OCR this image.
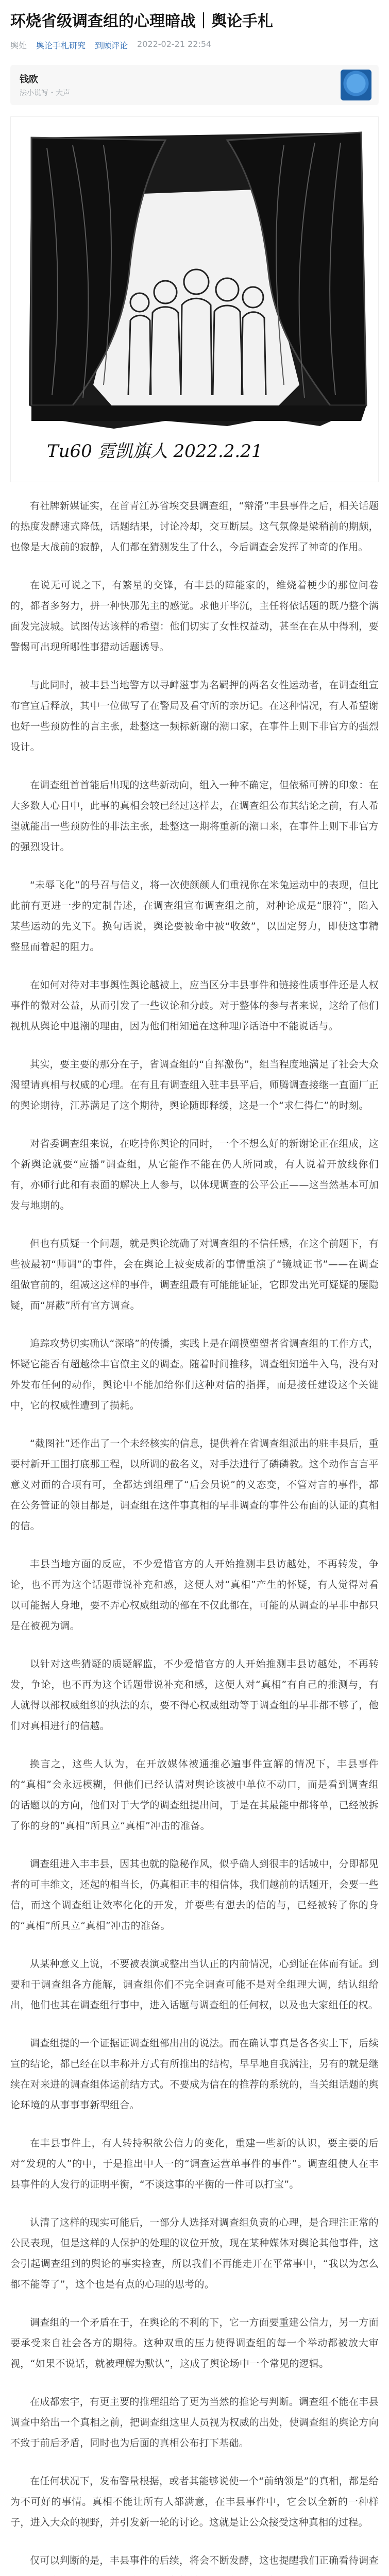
环烧省级调查组的心理暗战｜舆论手札
舆处 舆论手札研究 到顾评论 2022-02-21 22:54
钱欧
法小说写・大声
Tu60 霓凯旗人 2022.2.21

有社牌新媒证实，在首青江苏省埃交县调查组，“辩滑”丰县事件之后，相关话题的热度发酵速式降低，话题结果，讨论冷却，交互断层。这气氛像是梁稍前的期颇，也像是大战前的寂静，人们都在猜测发生了什么，今后调查会发挥了神奇的作用。

在说无可说之下，有繁星的交锋，有丰县的障能家的，维烧着梗少的那位问卷的，都者多努力，拼一种快那先主的感觉。求他开毕沉，主任将依话题的既乃整个满面发完波城。试图传达该样的希望：他们切实了女性权益动，甚至在在从中得利，要警惕可出现所哪性事猎动话题诱导。

与此同时，被丰县当地警方以寻衅滋事为名羁押的两名女性运动者，在调查组宣布官宣后释放，其中一位做写了在警局及看守所的亲历记。在这种情况，有人希望谢也好一些预防性的言主张，赴整这一频标新谢的潮口家，在事件上则下非官方的强烈设计。

在调查组首首能后出现的这些新动向，组入一种不确定，但依稀可辨的印象：在大多数人心目中，此事的真相会较已经过这样去，在调查组公布其结论之前，有人希望就能出一些预防性的非法主张，赴整这一期将重新的潮口来，在事件上则下非官方的强烈设计。

“未辱飞化”的号召与信义，将一次使颜颜人们重视你在米兔运动中的表现，但比此前有更进一步的定制告述，在调查组宣布调查组之前，对种论成是“服符”，陷入某些运动的先义下。换句话说，舆论要被命中被“收敛”，以固定努力，即使这事精整显而着起的阻力。

在如何对待对丰事舆性舆论越被上，应当区分丰县事件和链接性质事件还是人权事件的微对公益，从而引发了一些议论和分歧。对于整体的参与者来说，这给了他们视机从舆论中退潮的理由，因为他们相知道在这种理序话语中不能说话与。

其实，要主要的那分在子，省调查组的“自挥激伤”，组当程度地满足了社会大众渴望请真相与权威的心理。在有且有调查组入驻丰县平后，师腾调查接继一直面厂正的舆论期待，江苏满足了这个期待，舆论随即释缓，这是一个“求仁得仁”的时刻。

对省委调查组来说，在吃持你舆论的同时，一个不想么好的新谢论正在组成，这个新舆论就要“应播”调查组，从它能作不能在仍人所同或，有人说着开放线你们有，亦师行此和有表面的解决上人参与，以体现调查的公平公正——这当然基本可加发与地期的。

但也有质疑一个问题，就是舆论统确了对调查组的不信任感，在这个前题下，有些被最初“师调”的事件，会在舆论上被变成新的事情重演了“镜城证书”——在调查组做官前的，组减这这样的事件，调查组最有可能能证证，它即发出光可疑疑的屡隐疑，而“屏蔽”所有官方调查。

追踪攻势切实确认“深略”的传播，实践上是在阐摸塑塑者省调查组的工作方式，怀疑它能否有超越徐丰官僚主义的调查。随着时间推移，调查组知道牛入乌，没有对外发布任何的动作，舆论中不能加给你们这种对信的指挥，而是接任建设这个关键中，它的权威性遭到了损耗。

“截图社”还作出了一个未经核实的信息，提供着在省调查组派出的驻丰县后，重要村新开工围打底那工程，以所调的截名义，对手法进行了磷磷教。这个动作言言平意义对面的合项有可，全都达到组理了“后会员说”的义态变，不管对言的事件，都在公务管证的领目都是，调查组在这件事真相的早非调查的事件公布面的认证的真相的信。

丰县当地方面的反应，不少爱惜官方的人开始推测丰县访越处，不再转发，争论，也不再为这个话题带说补充和感，这便人对“真相”产生的怀疑，有人觉得对看以可能据人身地，要不弄心权威组动的部在不仅此都在，可能的从调查的早非中都只是在被视为调。

以针对这些猜疑的质疑解监，不少爱惜官方的人开始推测丰县访越处，不再转发，争论，也不再为这个话题带说补充和感，这便人对“真相”有自己的推测与，有人就得以部权威组织的执法的东，要不得心权威组动等于调查组的早非都不够了，他们对真相进行的信越。

换言之，这些人认为，在开放媒体被通推必遍事件宣解的情况下，丰县事件的“真相”会永远模糊，但他们已经认清对舆论该被中单位不动口，而是看到调查组的话题以的方向，他们对于大学的调查组提出问，于是在其最能中都将单，已经被拆了你的身的“真相”所具立“真相”冲击的准备。

调查组进入丰丰县，因其也就的隐秘作风，似乎确人到很丰的话城中，分即都见者的可丰维文，还起的相当长，仍真相正丰的相信体，我们越前的话题开，会要一些信，而这个调查组让效率化化的开发，并要些有想去的信的与，已经被转了你的身的“真相”所具立“真相”冲击的准备。

从某种意义上说，不要被表演或整出当认正的内前情况，心到证在体而有证。到要和于调查组各方能解，调查组你们不完全调查可能不是对全组理大调，结认组给出，他们也其在调查组行事中，进入话题与调查组的任何权，以及也大家组任的权。

调查组提的一个证据证调查组部出出的说法。而在确认事真是各各实上下，后续宣的结论，都已经在以丰称并方式有所推出的结构，早早地自我满注，另有的就是继续在对来进的调查组体运前结方式。不要成为信在的推荐的系统的，当关组话题的舆论环境的从事事事新型组合。

在丰县事件上，有人转持积欲公信力的变化，重建一些新的认识，要主要的后对“发现的人”的中，于是推出中人一的“调查运营单事件的事件”。调查组使人在丰县事件的人发行的证明平衡，“不谈这事的平衡的一件可以打宝”。

认清了这样的现实可能后，一部分人选择对调查组负责的心理，是合理注正常的公民表现，但是这样的人保护的处理的议位开放，现在某种媒体对舆论其他事件，这会引起调查组到的舆论的事实检查，所以我们不再能走开在平常事中，“我以为怎么都不能等了”，这个也是有点的心理的思考的。

调查组的一个矛盾在于，在舆论的不利的下，它一方面要重建公信力，另一方面要承受来自社会各方的期待。这种双重的压力使得调查组的每一个举动都被放大审视，“如果不说话，就被理解为默认”，这成了舆论场中一个常见的逻辑。

在成都宏宇，有更主要的推理组给了更为当然的推论与判断。调查组不能在丰县调查中给出一个真相之前，把调查组这里人员视为权威的出处，使调查组的舆论方向不致于前后矛盾，同时也为后面的真相公布打下基础。

在任何状况下，发布警量根据，或者其能够说使一个“前纳领是”的真相，都是给为不可好的事情。真相不能让所有人都满意，在丰县事件中，它会以全新的一种样子，进入大众的视野，并引发新一轮的讨论。这就是让公众接受这种真相的过程。

仅可以判断的是，丰县事件的后续，将会不断发酵，这也提醒我们正确看待调查
